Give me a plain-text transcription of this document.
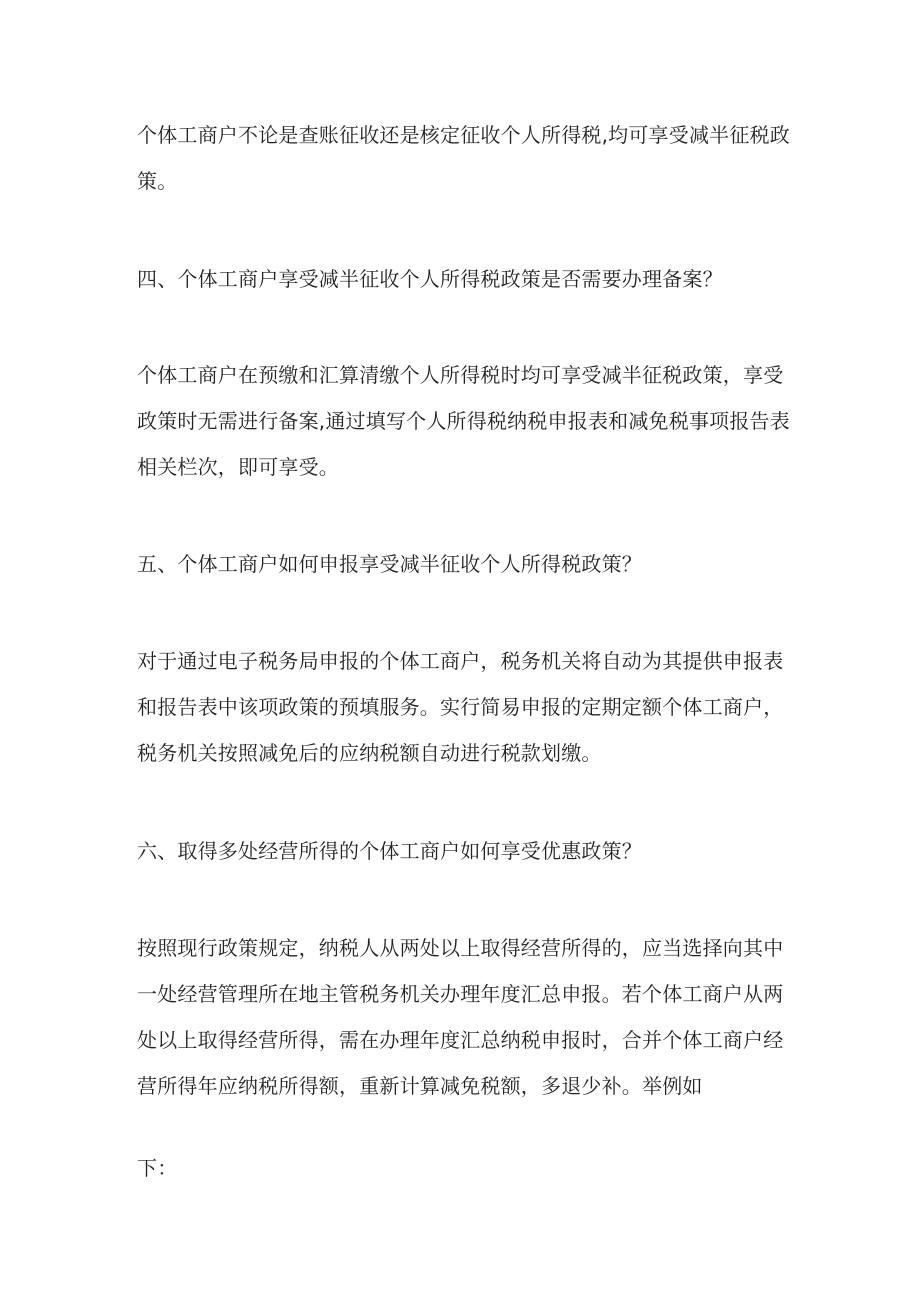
个体工商户不论是查账征收还是核定征收个人所得税,均可享受减半征税政
策。

四、个体工商户享受减半征收个人所得税政策是否需要办理备案？

个体工商户在预缴和汇算清缴个人所得税时均可享受减半征税政策，享受
政策时无需进行备案,通过填写个人所得税纳税申报表和减免税事项报告表
相关栏次，即可享受。

五、个体工商户如何申报享受减半征收个人所得税政策？

对于通过电子税务局申报的个体工商户，税务机关将自动为其提供申报表
和报告表中该项政策的预填服务。实行简易申报的定期定额个体工商户，
税务机关按照减免后的应纳税额自动进行税款划缴。

六、取得多处经营所得的个体工商户如何享受优惠政策？

按照现行政策规定，纳税人从两处以上取得经营所得的，应当选择向其中
一处经营管理所在地主管税务机关办理年度汇总申报。若个体工商户从两
处以上取得经营所得，需在办理年度汇总纳税申报时，合并个体工商户经
营所得年应纳税所得额，重新计算减免税额，多退少补。举例如

下：
